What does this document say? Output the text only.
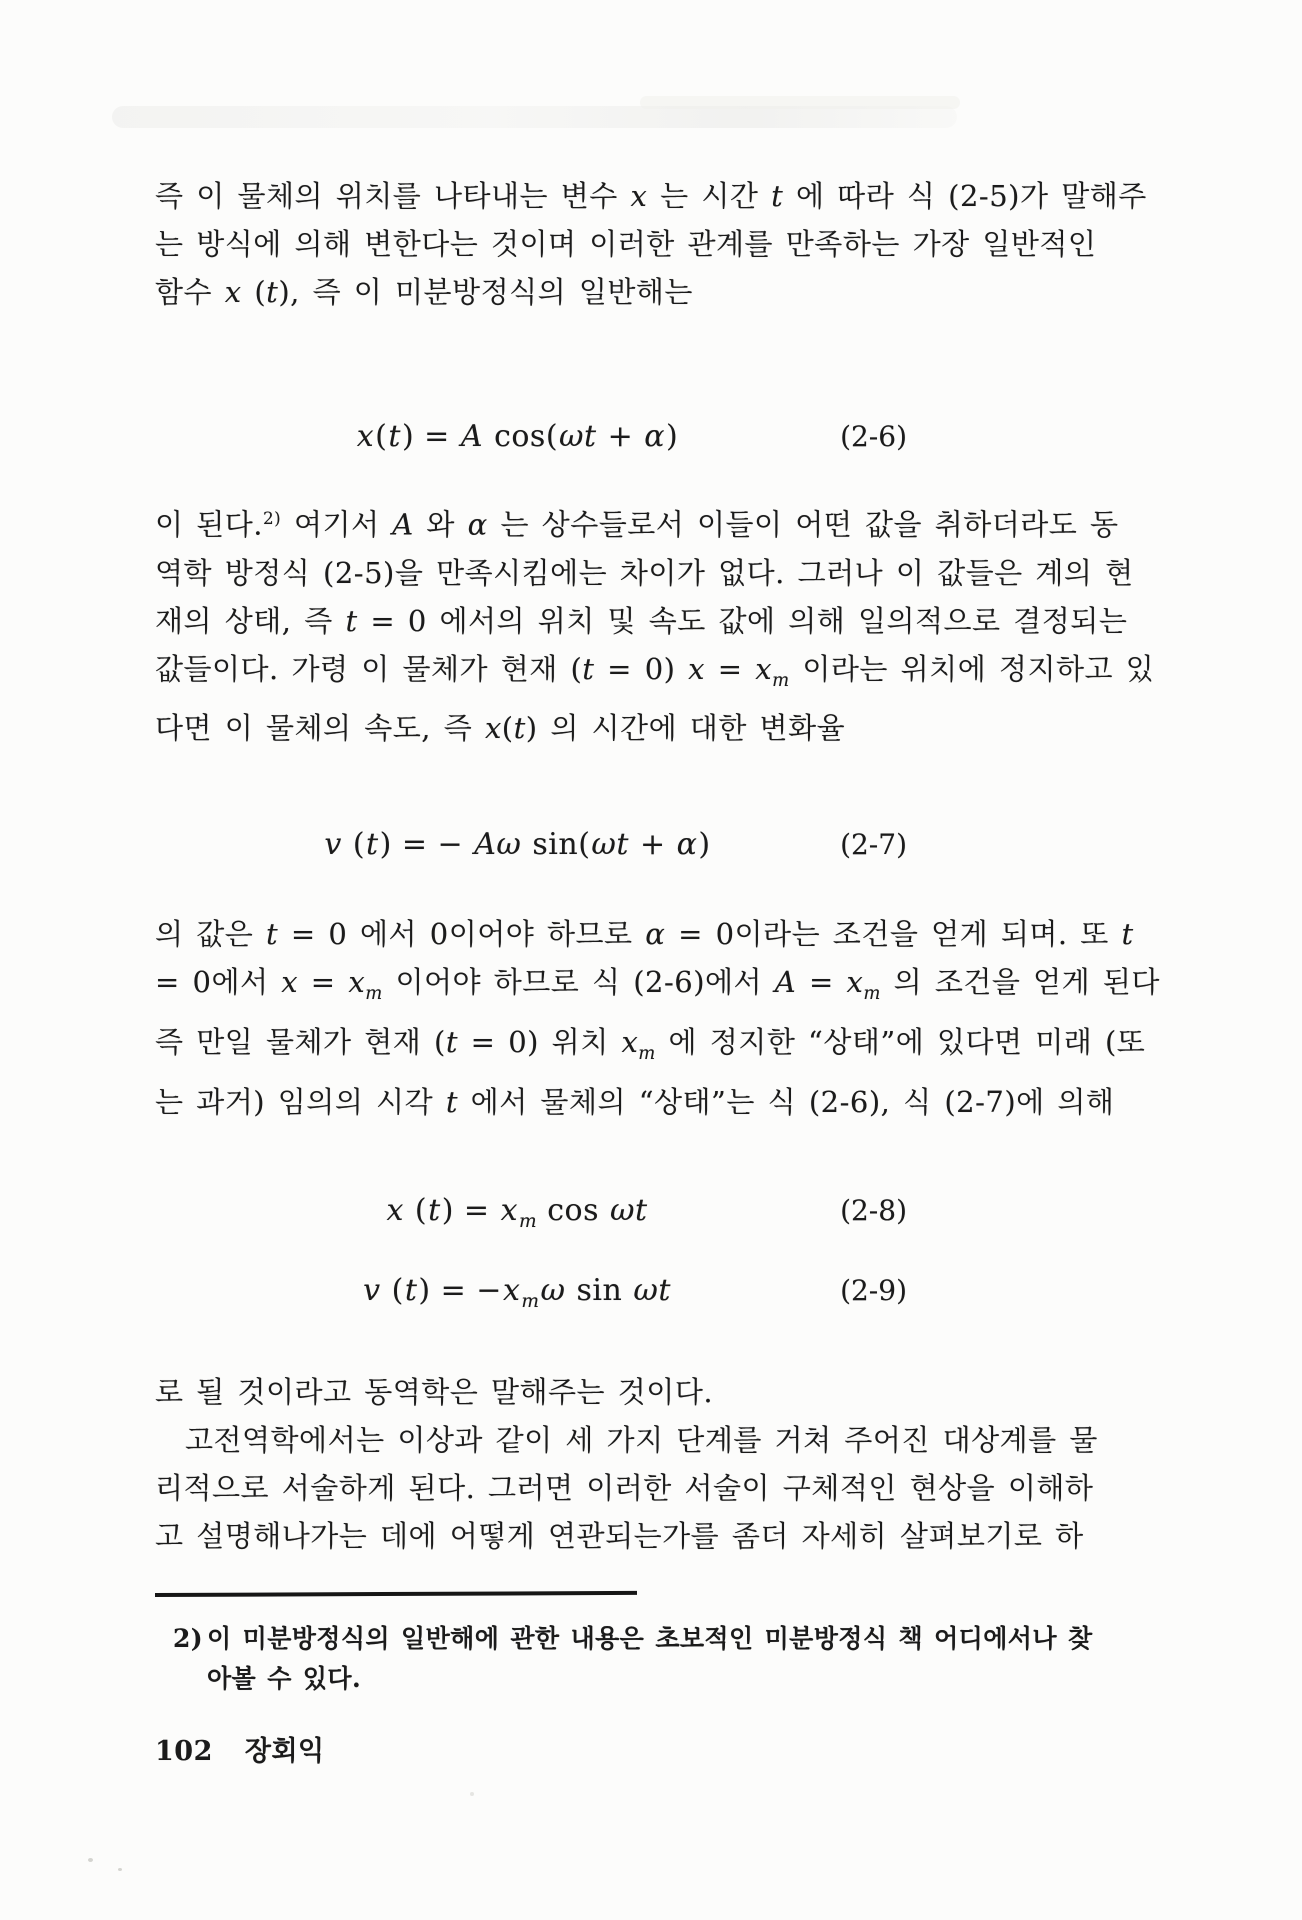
즉 이 물체의 위치를 나타내는 변수 x 는 시간 t 에 따라 식 (2-5)가 말해주
는 방식에 의해 변한다는 것이며 이러한 관계를 만족하는 가장 일반적인
함수 x (t), 즉 이 미분방정식의 일반해는
x(t) = A cos(ωt + α)	(2-6)
이 된다.$^{2)}$ 여기서 A 와 α 는 상수들로서 이들이 어떤 값을 취하더라도 동
역학 방정식 (2-5)을 만족시킴에는 차이가 없다. 그러나 이 값들은 계의 현
재의 상태, 즉 t = 0 에서의 위치 및 속도 값에 의해 일의적으로 결정되는
값들이다. 가령 이 물체가 현재 (t = 0) $x = x_m$ 이라는 위치에 정지하고 있
다면 이 물체의 속도, 즉 x(t) 의 시간에 대한 변화율
v (t) = − Aω sin(ωt + α)	(2-7)
의 값은 t = 0 에서 0이어야 하므로 α = 0이라는 조건을 얻게 되며. 또 t
= 0에서 $x = x_m$ 이어야 하므로 식 (2-6)에서 $A = x_m$ 의 조건을 얻게 된다
즉 만일 물체가 현재 (t = 0) 위치 $x_m$ 에 정지한 “상태”에 있다면 미래 (또
는 과거) 임의의 시각 t 에서 물체의 “상태”는 식 (2-6), 식 (2-7)에 의해
x $(t) = x_m$ cos ωt	(2-8)
v $(t) = -x_m\omega$ sin ωt	(2-9)
로 될 것이라고 동역학은 말해주는 것이다.
고전역학에서는 이상과 같이 세 가지 단계를 거쳐 주어진 대상계를 물
리적으로 서술하게 된다. 그러면 이러한 서술이 구체적인 현상을 이해하
고 설명해나가는 데에 어떻게 연관되는가를 좀더 자세히 살펴보기로 하
2) 이 미분방정식의 일반해에 관한 내용은 초보적인 미분방정식 책 어디에서나 찾
아볼 수 있다.
102 장회익
